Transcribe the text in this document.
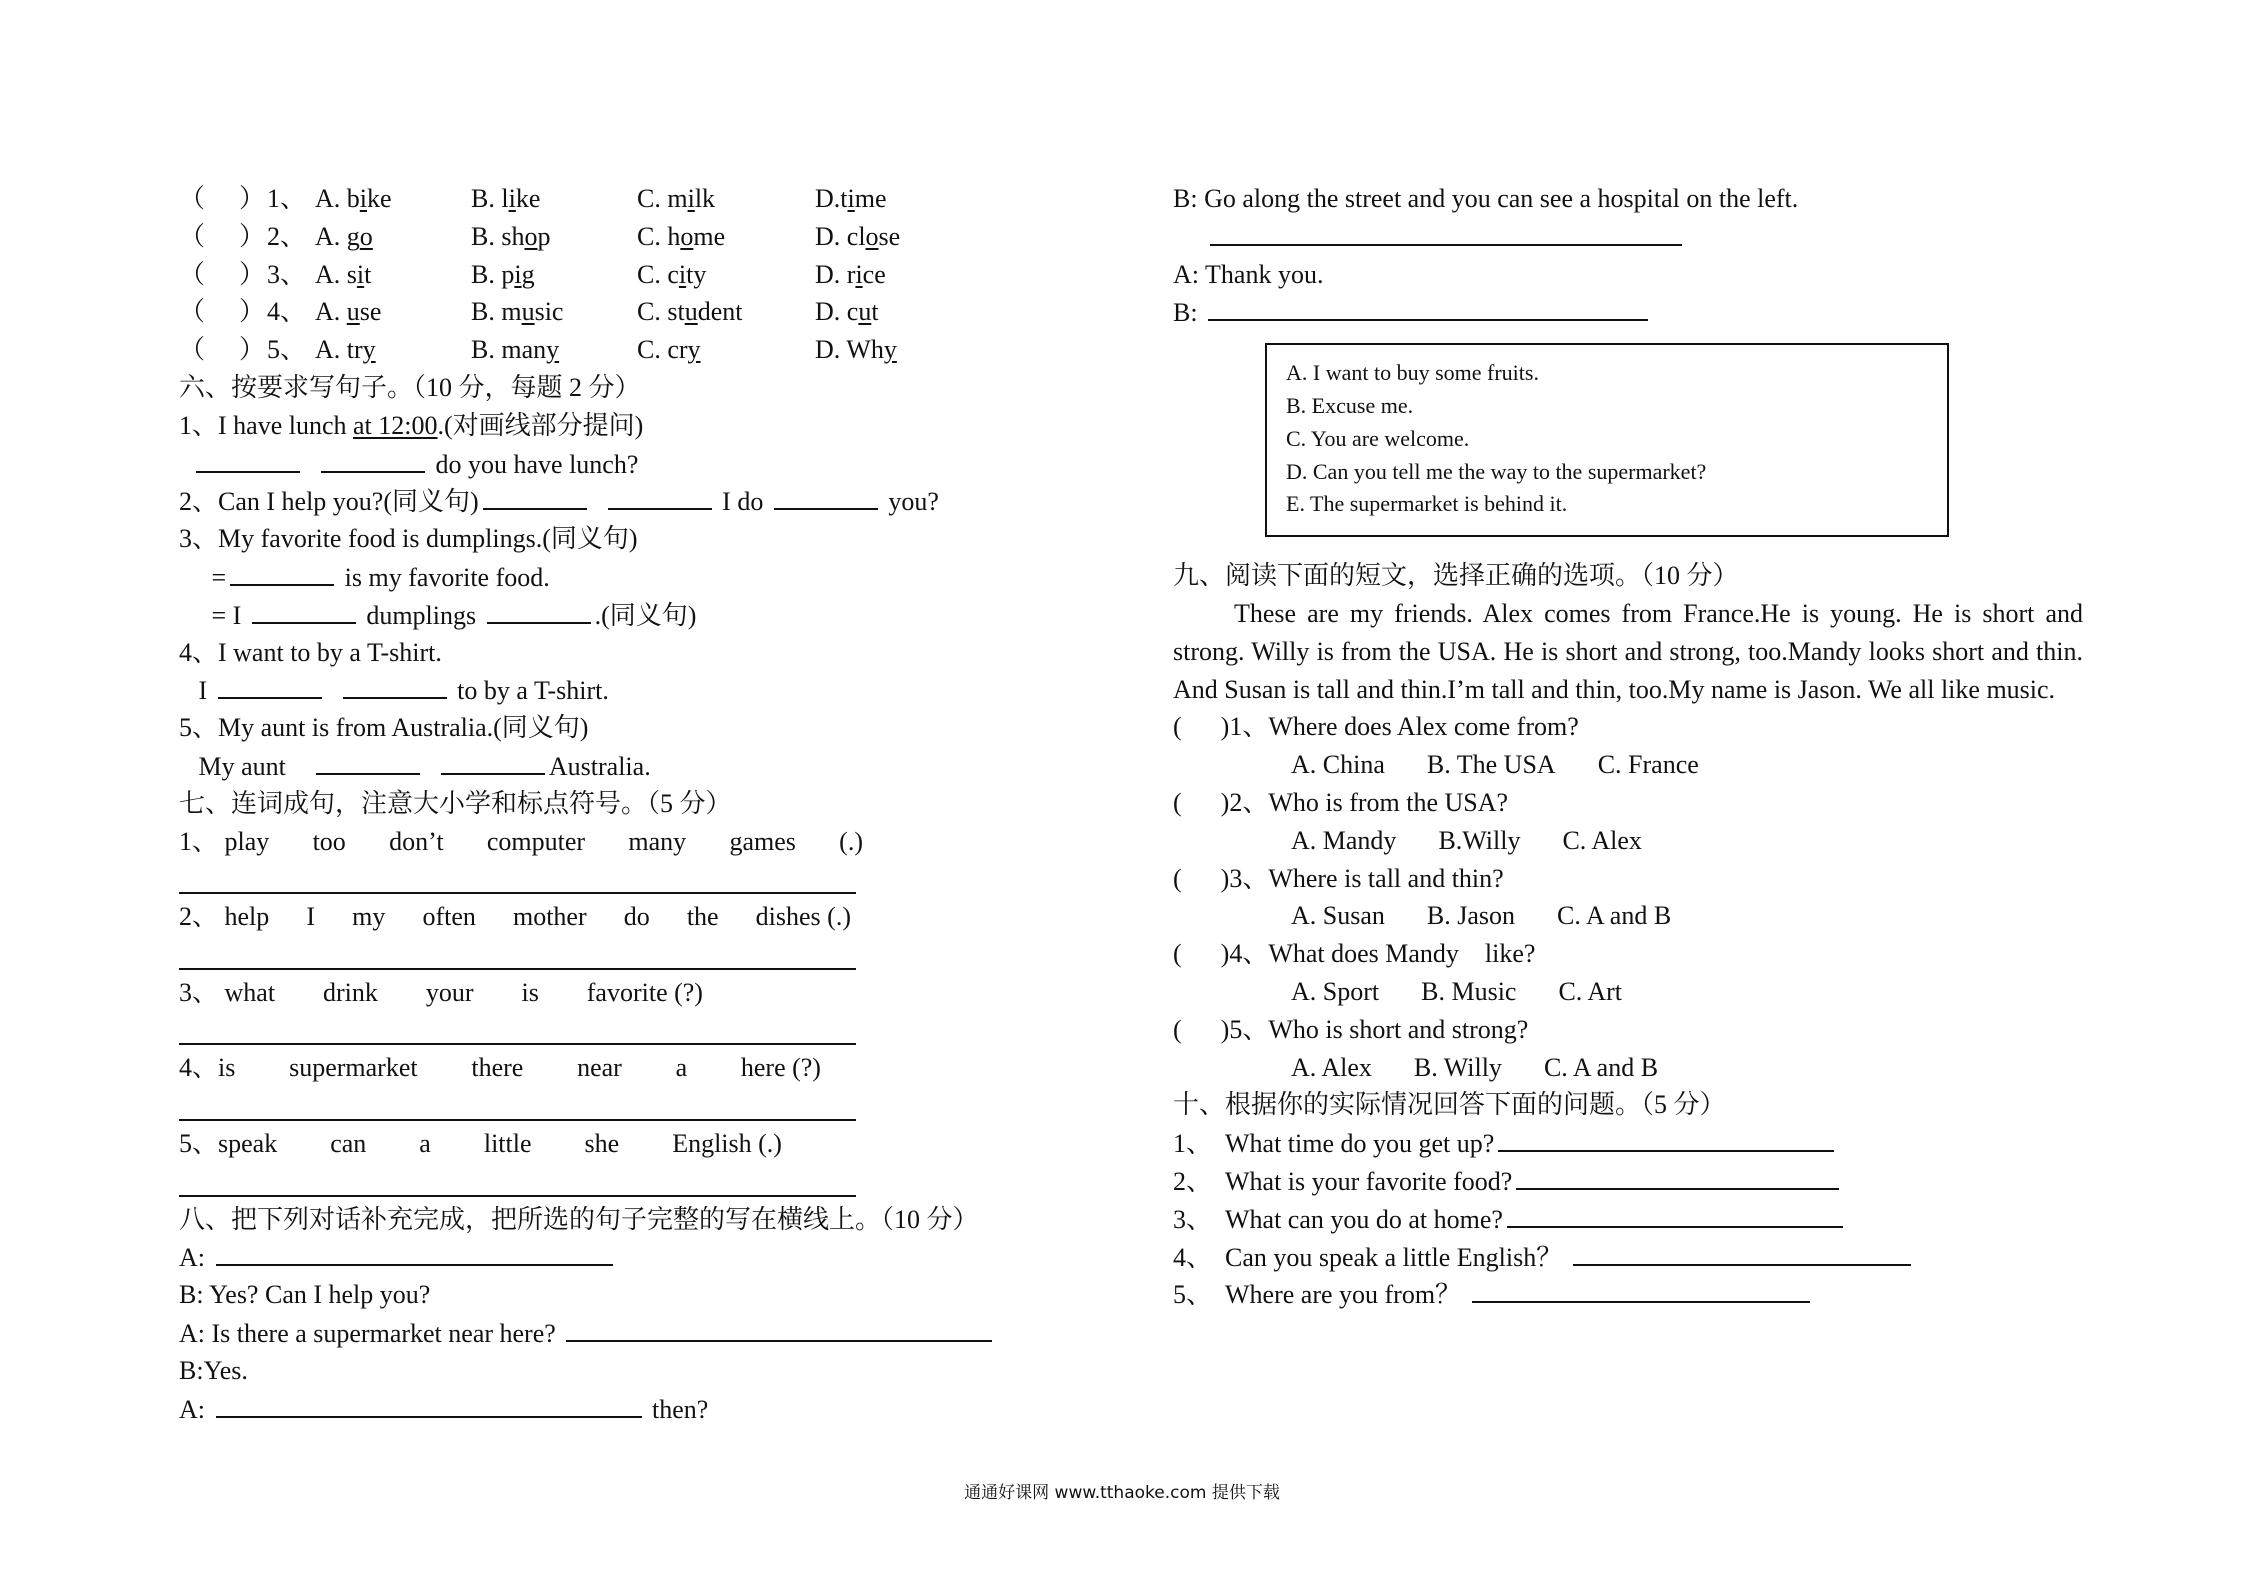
（	） 1、 A. bike	B. like	C. milk	D.time
（	） 2、 A. go	B. shop	C. home	D. close
（	） 3、 A. sit	B. pig	C. city	D. rice
（	） 4、 A. use	B. music	C. student	D. cut
（	） 5、 A. try	B. many	C. cry	D. Why
六、按要求写句子。（10 分，每题 2 分）
1、I have lunch at 12:00.(对画线部分提问)
do you have lunch?
2、Can I help you?(同义句)	I do	you?
3、My favorite food is dumplings.(同义句)
=	is my favorite food.
= I	dumplings	.(同义句)
4、I want to by a T-shirt.
I	to by a T-shirt.
5、My aunt is from Australia.(同义句)
My aunt	Australia.
七、连词成句，注意大小学和标点符号。（5 分）
1、 play too don’t computer many games (.)
2、 help I my often mother do the dishes (.)
3、 what drink your is favorite (?)
4、is supermarket there near a here (?)
5、speak can a little she English (.)
八、把下列对话补充完成，把所选的句子完整的写在横线上。（10 分）
A:
B: Yes? Can I help you?
A: Is there a supermarket near here?
B:Yes.
A:	then?
B: Go along the street and you can see a hospital on the left.

A: Thank you.
B:
A. I want to buy some fruits.
B. Excuse me.
C. You are welcome.
D. Can you tell me the way to the supermarket?
E. The supermarket is behind it.
九、阅读下面的短文，选择正确的选项。（10 分）
These are my friends. Alex comes from France.He is young. He is short and strong. Willy is from the USA. He is short and strong, too.Mandy looks short and thin. And Susan is tall and thin.I’m tall and thin, too.My name is Jason. We all like music.
(      )1、Where does Alex come from?
A. China B. The USA C. France
(      )2、Who is from the USA?
A. Mandy B.Willy C. Alex
(      )3、Where is tall and thin?
A. Susan B. Jason C. A and B
(      )4、What does Mandy    like?
A. Sport B. Music C. Art
(      )5、Who is short and strong?
A. Alex B. Willy C. A and B
十、根据你的实际情况回答下面的问题。（5 分）
1、  What time do you get up?
2、  What is your favorite food?
3、  What can you do at home?
4、  Can you speak a little English？
5、  Where are you from？
通通好课网 www.tthaoke.com 提供下载
